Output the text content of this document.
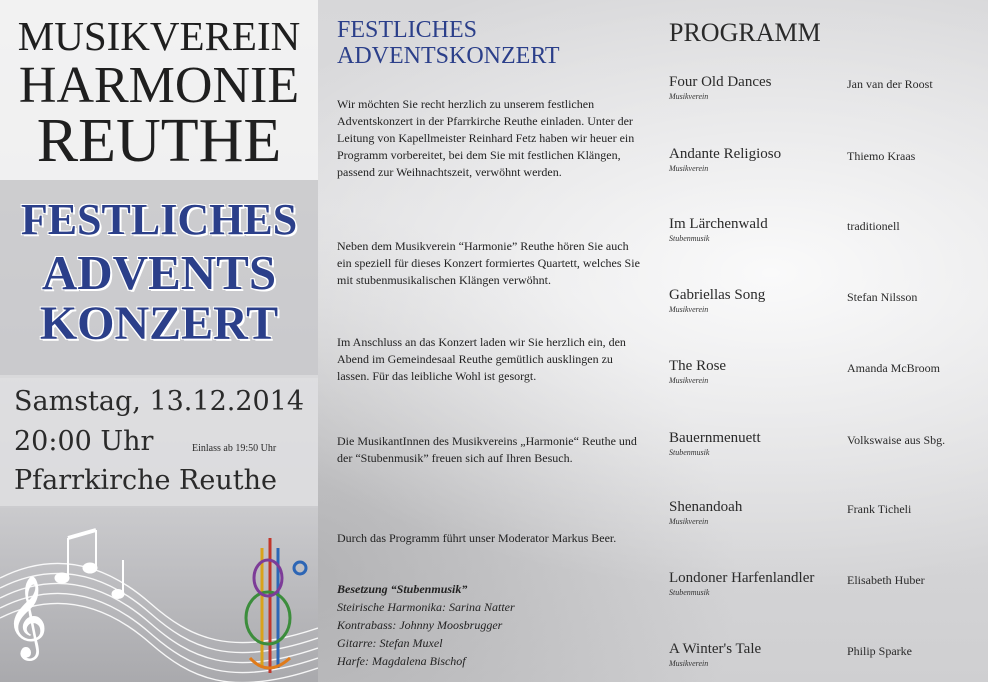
MUSIKVEREIN
HARMONIE
REUTHE
FESTLICHES
ADVENTS
KONZERT
Samstag, 13.12.2014
20:00 Uhr	Einlass ab 19:50 Uhr
Pfarrkirche Reuthe
𝄞
FESTLICHES
ADVENTSKONZERT

Wir möchten Sie recht herzlich zu unserem festlichen Adventskonzert in der Pfarrkirche Reuthe einladen. Unter der Leitung von Kapellmeister Reinhard Fetz haben wir heuer ein Programm vorbereitet, bei dem Sie mit festlichen Klängen, passend zur Weihnachtszeit, verwöhnt werden.

Neben dem Musikverein “Harmonie” Reuthe hören Sie auch ein speziell für dieses Konzert formiertes Quartett, welches Sie mit stubenmusikalischen Klängen verwöhnt.

Im Anschluss an das Konzert laden wir Sie herzlich ein, den Abend im Gemeindesaal Reuthe gemütlich ausklingen zu lassen. Für das leibliche Wohl ist gesorgt.

Die MusikantInnen des Musikvereins „Harmonie“ Reuthe und der “Stubenmusik” freuen sich auf Ihren Besuch.

Durch das Programm führt unser Moderator Markus Beer.

Besetzung “Stubenmusik”
Steirische Harmonika: Sarina Natter
Kontrabass: Johnny Moosbrugger
Gitarre: Stefan Muxel
Harfe: Magdalena Bischof
PROGRAMM
Four Old Dances
Musikverein
Jan van der Roost
Andante Religioso
Musikverein
Thiemo Kraas
Im Lärchenwald
Stubenmusik
traditionell
Gabriellas Song
Musikverein
Stefan Nilsson
The Rose
Musikverein
Amanda McBroom
Bauernmenuett
Stubenmusik
Volkswaise aus Sbg.
Shenandoah
Musikverein
Frank Ticheli
Londoner Harfenlandler
Stubenmusik
Elisabeth Huber
A Winter's Tale
Musikverein
Philip Sparke
